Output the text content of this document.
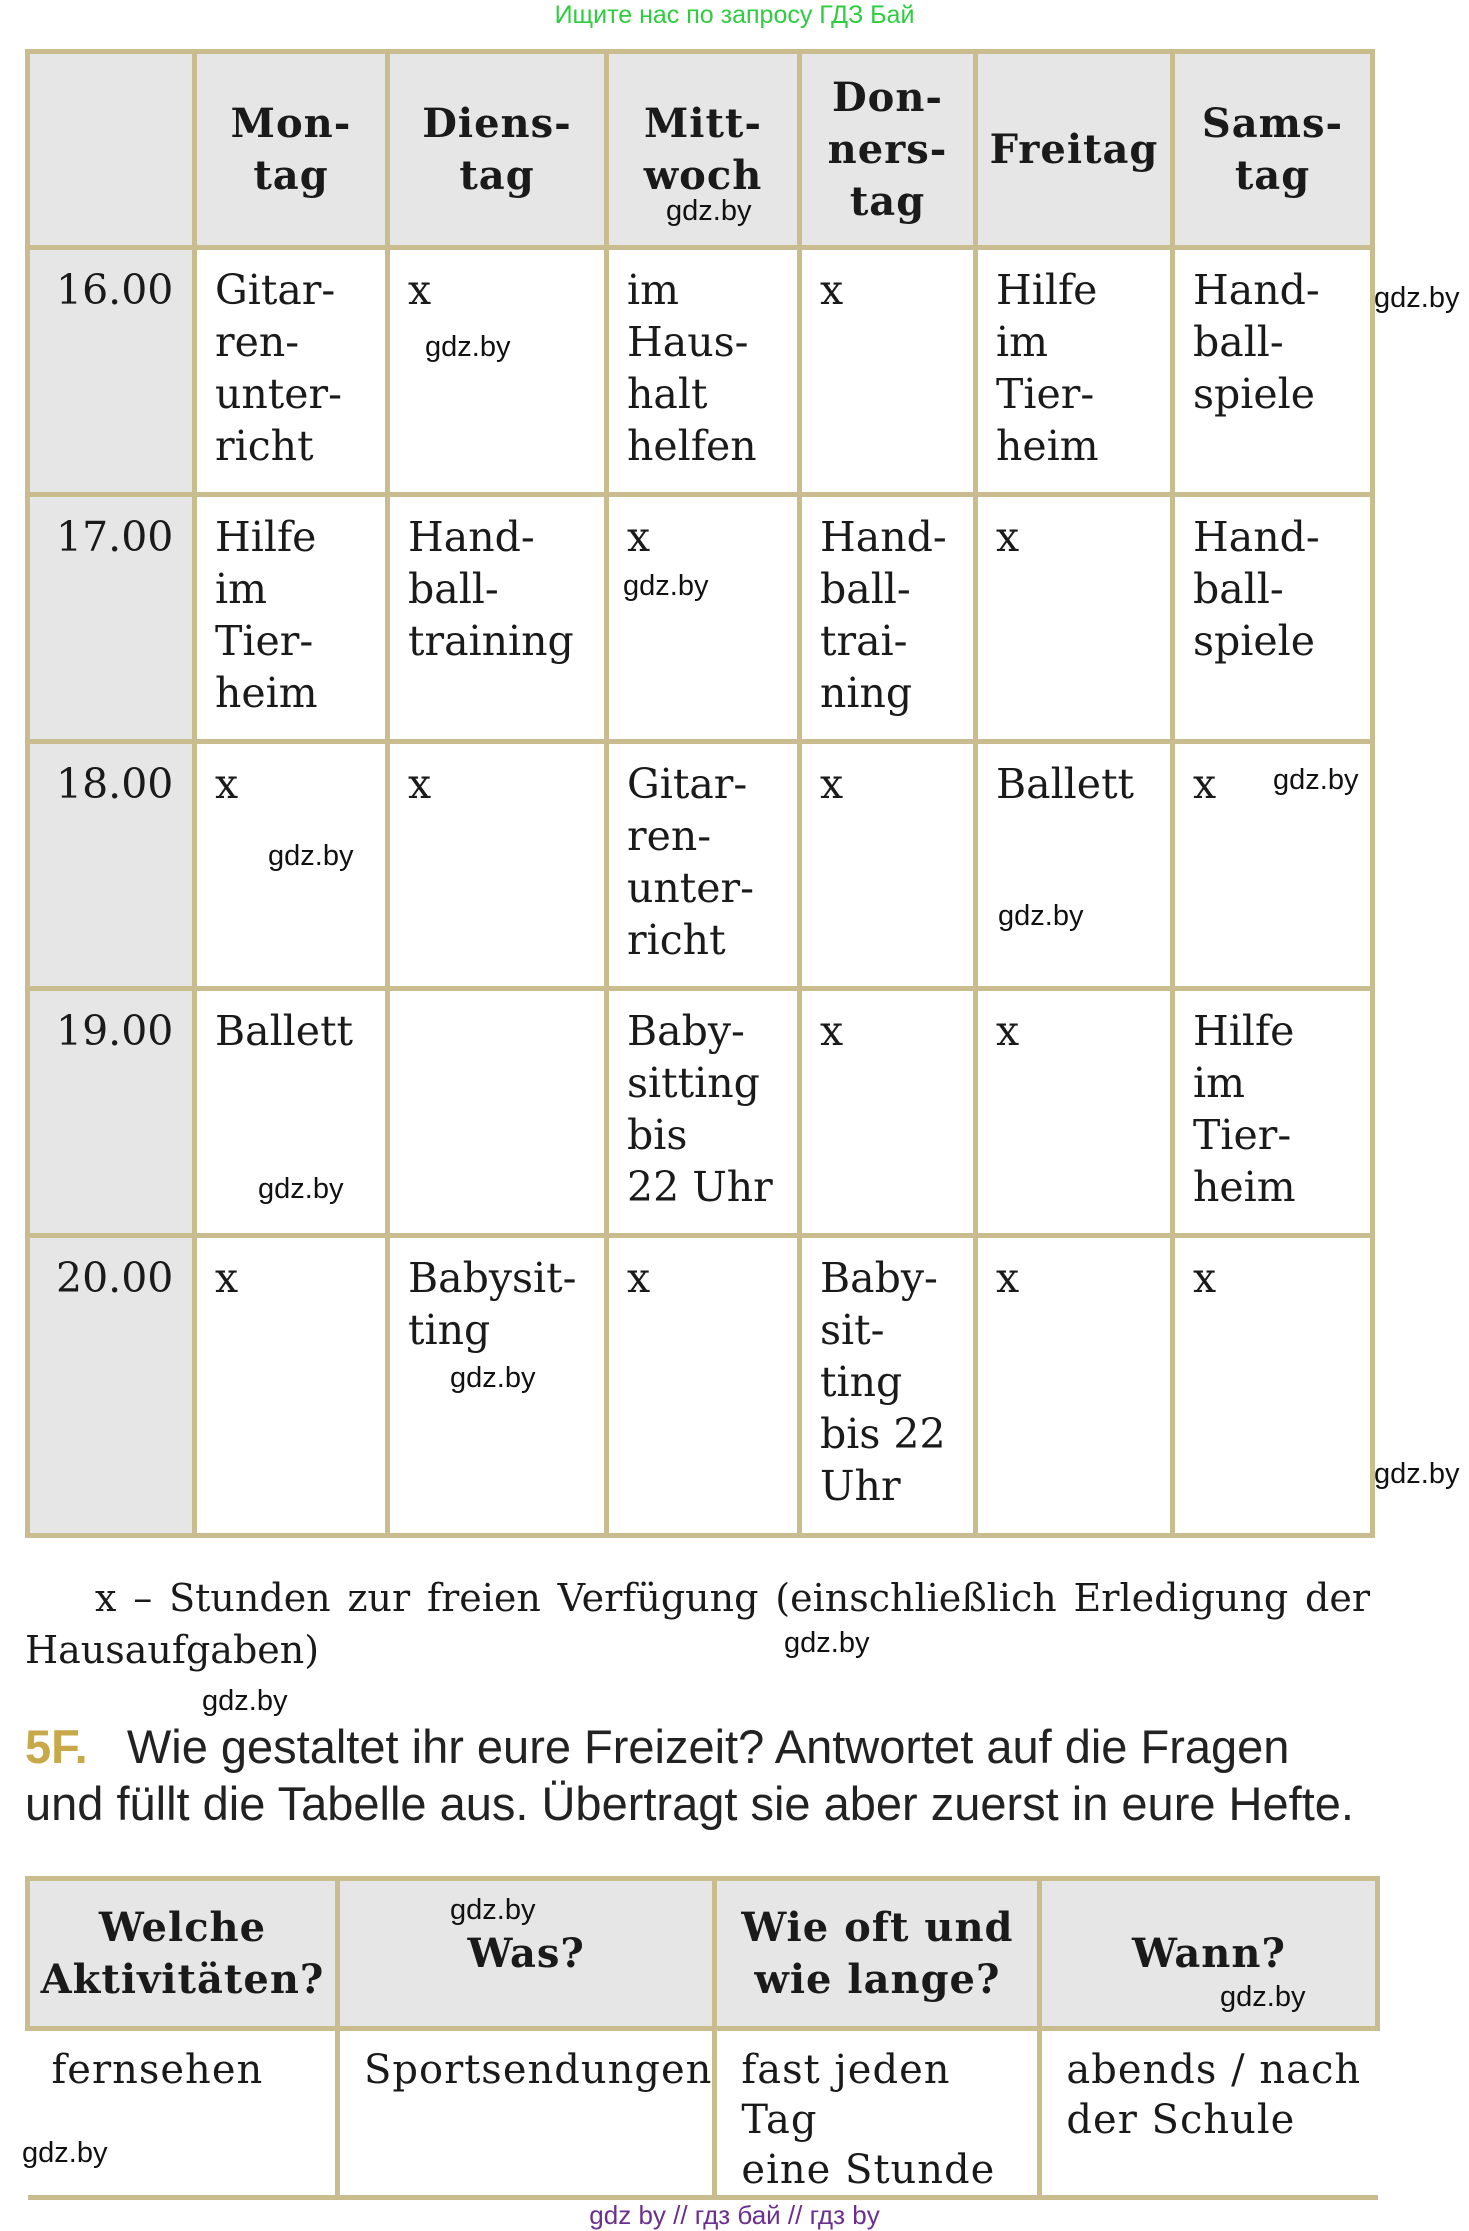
Ищите нас по запросу ГДЗ Бай
	Mon-
tag	Diens-
tag	Mitt-
woch	Don-
ners-
tag	Freitag	Sams-
tag
16.00	Gitar-
ren-
unter-
richt	x	im
Haus-
halt
helfen	x	Hilfe
im
Tier-
heim	Hand-
ball-
spiele
17.00	Hilfe
im
Tier-
heim	Hand-
ball-
training	x	Hand-
ball-
trai-
ning	x	Hand-
ball-
spiele
18.00	x	x	Gitar-
ren-
unter-
richt	x	Ballett	x
19.00	Ballett		Baby-
sitting
bis
22 Uhr	x	x	Hilfe
im
Tier-
heim
20.00	x	Babysit-
ting	x	Baby-
sit-
ting
bis 22
Uhr	x	x
x – Stunden zur freien Verfügung (einschließlich Erledigung der Hausaufgaben)
5F. Wie gestaltet ihr eure Freizeit? Antwortet auf die Fragen und füllt die Tabelle aus. Übertragt sie aber zuerst in eure Hefte.
Welche
Aktivitäten?	Was?	Wie oft und
wie lange?	Wann?
fernsehen	Sportsendungen	fast jeden Tag
eine Stunde	abends / nach
der Schule
gdz.by
gdz.by
gdz.by
gdz.by
gdz.by
gdz.by
gdz.by
gdz.by
gdz.by
gdz.by
gdz.by
gdz.by
gdz.by
gdz.by
gdz.by
gdz by // гдз бай // гдз by
